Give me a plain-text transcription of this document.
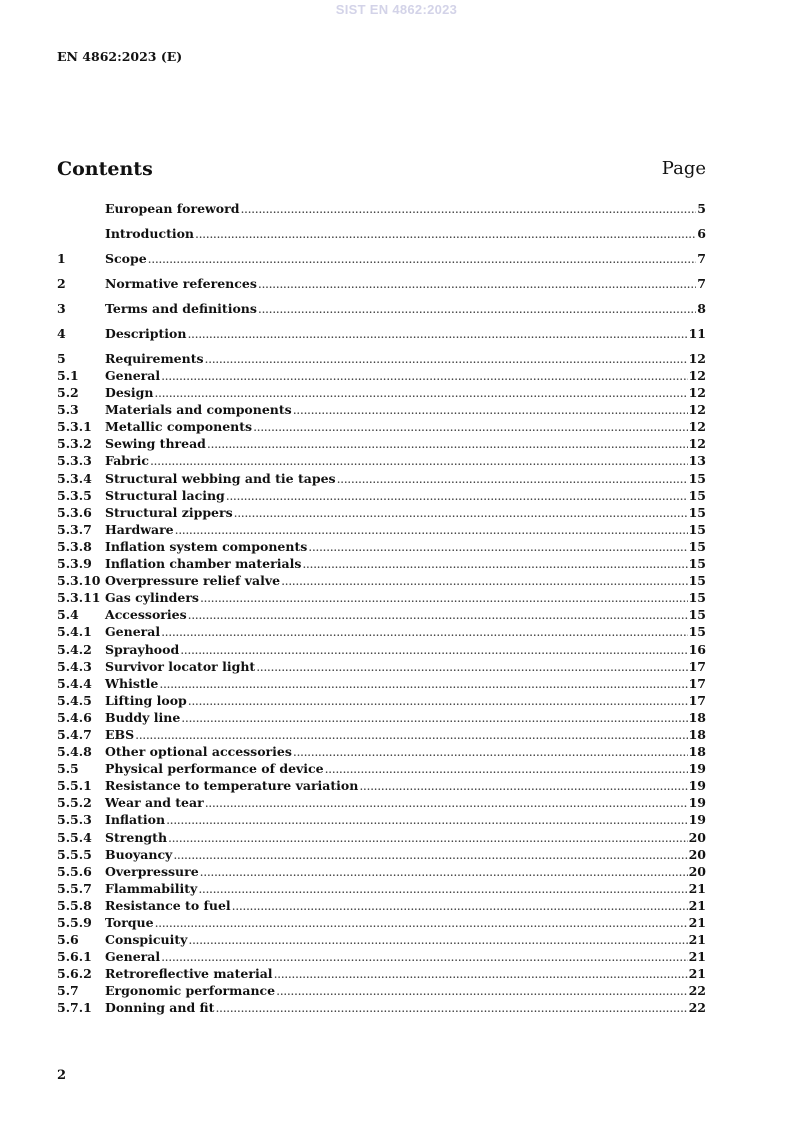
SIST EN 4862:2023
EN 4862:2023 (E)
Contents	Page
European foreword .....	5
Introduction .....	6
1	Scope .....	7
2	Normative references .....	7
3	Terms and definitions .....	8
4	Description .....	11
5	Requirements .....	12
5.1	General .....	12
5.2	Design .....	12
5.3	Materials and components .....	12
5.3.1	Metallic components .....	12
5.3.2	Sewing thread .....	12
5.3.3	Fabric .....	13
5.3.4	Structural webbing and tie tapes .....	15
5.3.5	Structural lacing .....	15
5.3.6	Structural zippers .....	15
5.3.7	Hardware .....	15
5.3.8	Inflation system components .....	15
5.3.9	Inflation chamber materials .....	15
5.3.10 Overpressure relief valve .....	15
5.3.11 Gas cylinders .....	15
5.4	Accessories .....	15
5.4.1	General .....	15
5.4.2	Sprayhood .....	16
5.4.3	Survivor locator light .....	17
5.4.4	Whistle .....	17
5.4.5	Lifting loop .....	17
5.4.6	Buddy line .....	18
5.4.7	EBS .....	18
5.4.8	Other optional accessories .....	18
5.5	Physical performance of device .....	19
5.5.1	Resistance to temperature variation .....	19
5.5.2	Wear and tear .....	19
5.5.3	Inflation .....	19
5.5.4	Strength .....	20
5.5.5	Buoyancy .....	20
5.5.6	Overpressure .....	20
5.5.7	Flammability .....	21
5.5.8	Resistance to fuel .....	21
5.5.9	Torque .....	21
5.6	Conspicuity .....	21
5.6.1	General .....	21
5.6.2	Retroreflective material .....	21
5.7	Ergonomic performance .....	22
5.7.1	Donning and fit .....	22
2
